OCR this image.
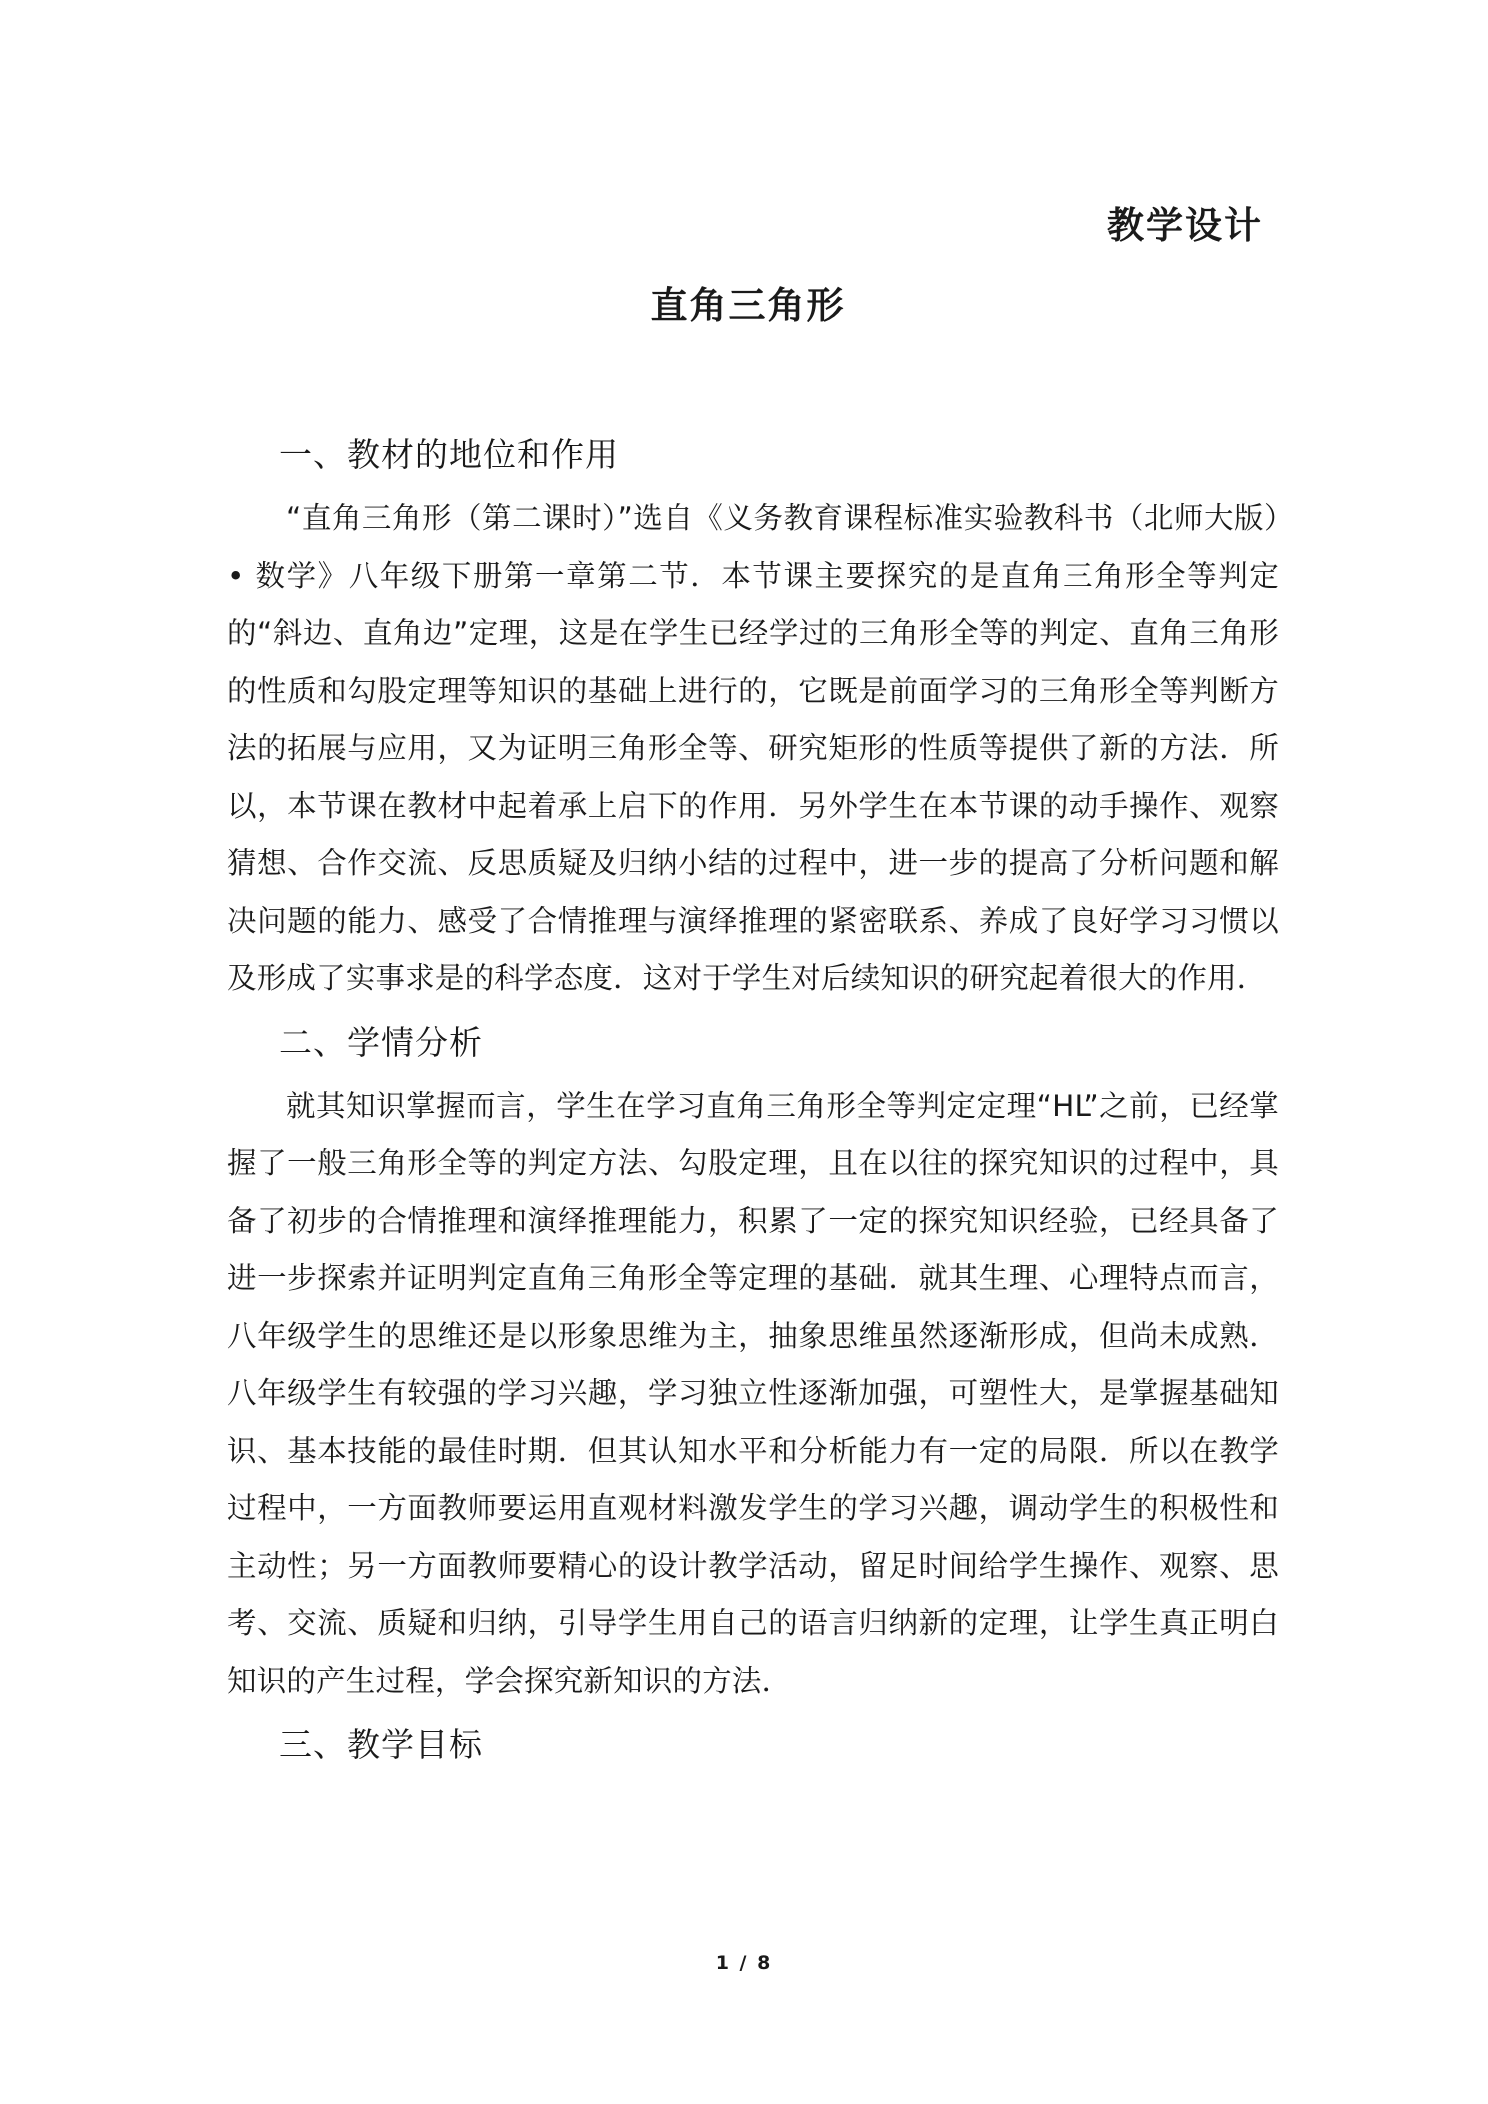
教学设计
直角三角形
一、教材的地位和作用

“直角三角形（第二课时）”选自《义务教育课程标准实验教科书（北师大版）• 数学》八年级下册第一章第二节．本节课主要探究的是直角三角形全等判定的“斜边、直角边”定理，这是在学生已经学过的三角形全等的判定、直角三角形的性质和勾股定理等知识的基础上进行的，它既是前面学习的三角形全等判断方法的拓展与应用，又为证明三角形全等、研究矩形的性质等提供了新的方法．所以，本节课在教材中起着承上启下的作用．另外学生在本节课的动手操作、观察猜想、合作交流、反思质疑及归纳小结的过程中，进一步的提高了分析问题和解决问题的能力、感受了合情推理与演绎推理的紧密联系、养成了良好学习习惯以及形成了实事求是的科学态度．这对于学生对后续知识的研究起着很大的作用．

二、学情分析

就其知识掌握而言，学生在学习直角三角形全等判定定理“HL”之前，已经掌握了一般三角形全等的判定方法、勾股定理，且在以往的探究知识的过程中，具备了初步的合情推理和演绎推理能力，积累了一定的探究知识经验，已经具备了进一步探索并证明判定直角三角形全等定理的基础．就其生理、心理特点而言，八年级学生的思维还是以形象思维为主，抽象思维虽然逐渐形成，但尚未成熟．八年级学生有较强的学习兴趣，学习独立性逐渐加强，可塑性大，是掌握基础知识、基本技能的最佳时期．但其认知水平和分析能力有一定的局限．所以在教学过程中，一方面教师要运用直观材料激发学生的学习兴趣，调动学生的积极性和主动性；另一方面教师要精心的设计教学活动，留足时间给学生操作、观察、思考、交流、质疑和归纳，引导学生用自己的语言归纳新的定理，让学生真正明白知识的产生过程，学会探究新知识的方法．

三、教学目标
1 / 8
